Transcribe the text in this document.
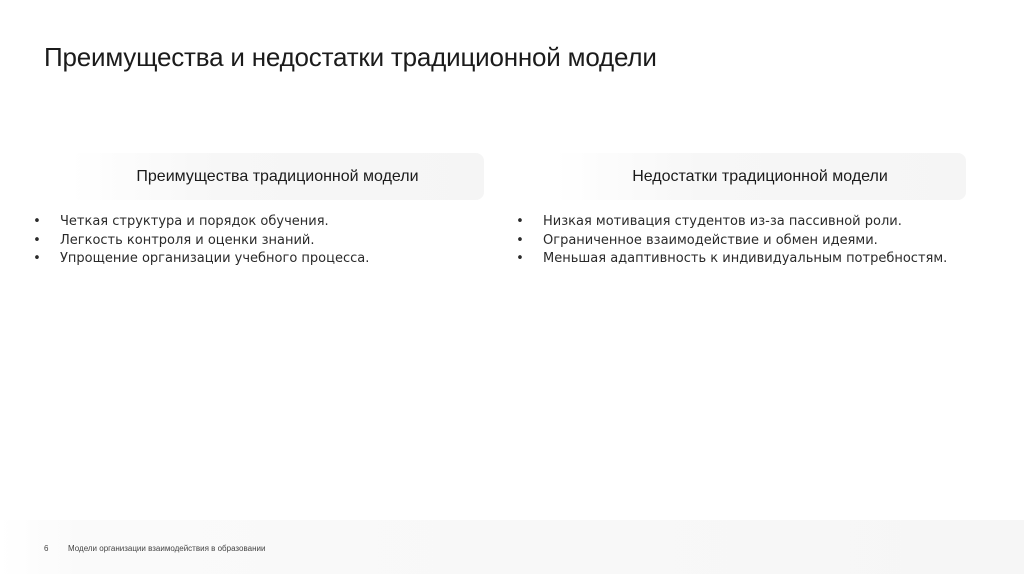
Преимущества и недостатки традиционной модели
Преимущества традиционной модели	Недостатки традиционной модели
• Четкая структура и порядок обучения.
• Легкость контроля и оценки знаний.
• Упрощение организации учебного процесса.
• Низкая мотивация студентов из-за пассивной роли.
• Ограниченное взаимодействие и обмен идеями.
• Меньшая адаптивность к индивидуальным потребностям.
6 Модели организации взаимодействия в образовании
